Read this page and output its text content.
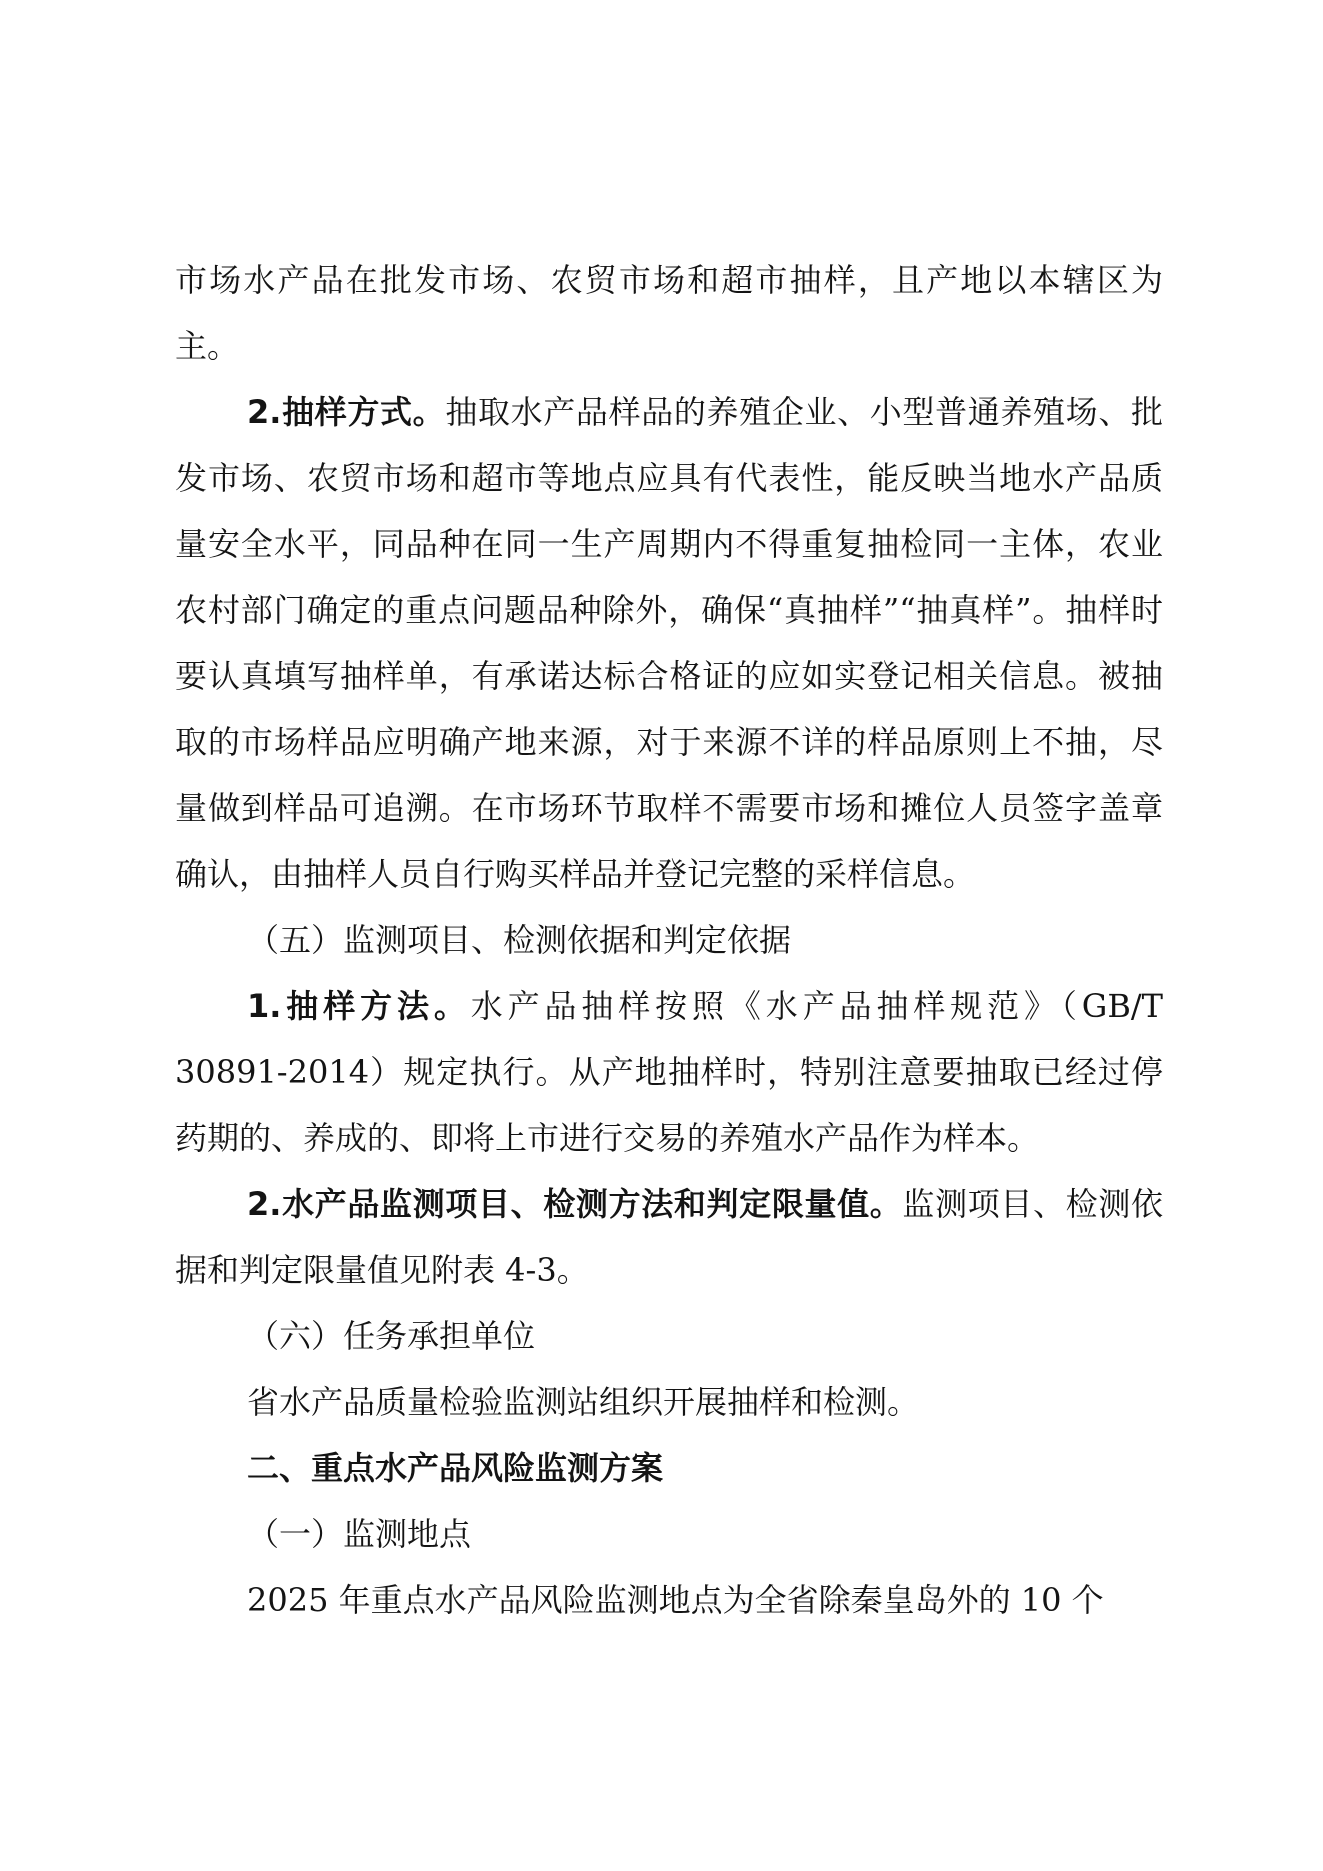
市场水产品在批发市场、农贸市场和超市抽样，且产地以本辖区为主。

2.抽样方式。抽取水产品样品的养殖企业、小型普通养殖场、批发市场、农贸市场和超市等地点应具有代表性，能反映当地水产品质量安全水平，同品种在同一生产周期内不得重复抽检同一主体，农业农村部门确定的重点问题品种除外，确保“真抽样”“抽真样”。抽样时要认真填写抽样单，有承诺达标合格证的应如实登记相关信息。被抽取的市场样品应明确产地来源，对于来源不详的样品原则上不抽，尽量做到样品可追溯。在市场环节取样不需要市场和摊位人员签字盖章确认，由抽样人员自行购买样品并登记完整的采样信息。

（五）监测项目、检测依据和判定依据

1.抽样方法。水产品抽样按照《水产品抽样规范》（GB/T 30891-2014）规定执行。从产地抽样时，特别注意要抽取已经过停药期的、养成的、即将上市进行交易的养殖水产品作为样本。

2.水产品监测项目、检测方法和判定限量值。监测项目、检测依据和判定限量值见附表 4-3。

（六）任务承担单位

省水产品质量检验监测站组织开展抽样和检测。

二、重点水产品风险监测方案

（一）监测地点

2025 年重点水产品风险监测地点为全省除秦皇岛外的 10 个
